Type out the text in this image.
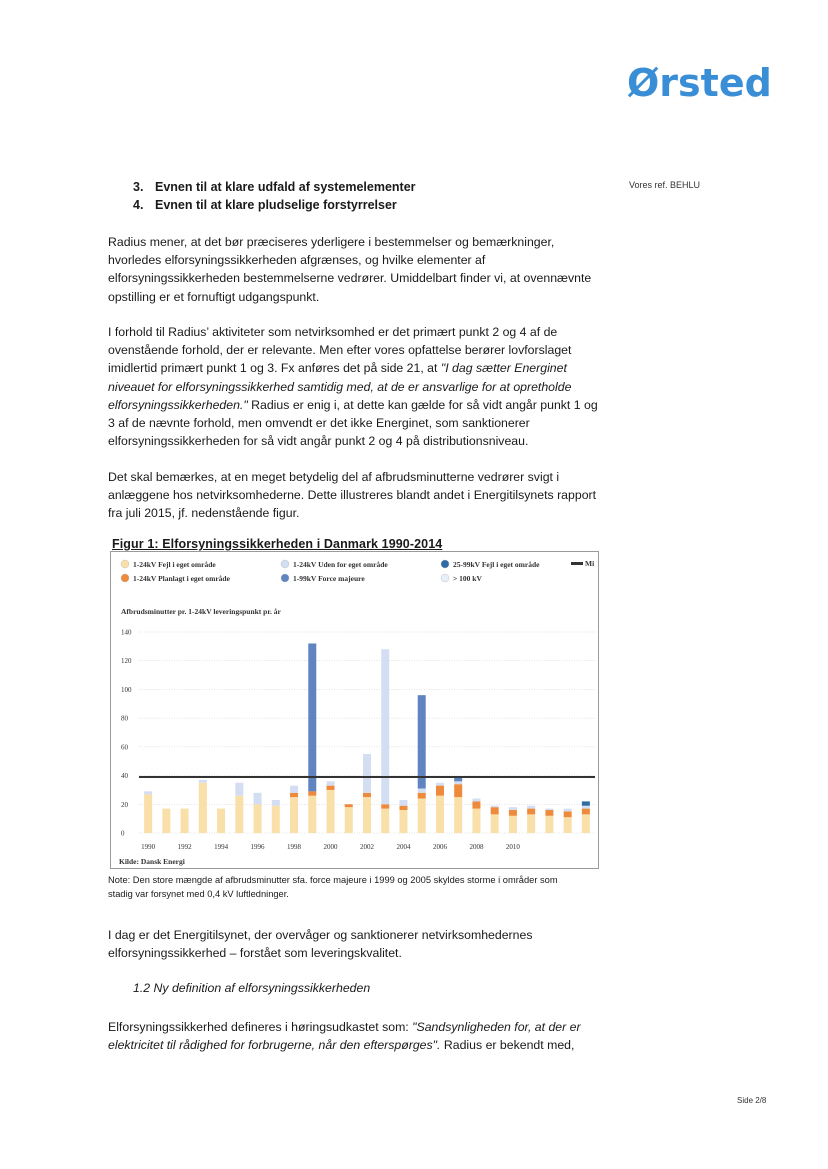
Ørsted
Vores ref. BEHLU
3. Evnen til at klare udfald af systemelementer
4. Evnen til at klare pludselige forstyrrelser

Radius mener, at det bør præciseres yderligere i bestemmelser og bemærkninger, hvorledes elforsyningssikkerheden afgrænses, og hvilke elementer af elforsyningssikkerheden bestemmelserne vedrører. Umiddelbart finder vi, at ovennævnte opstilling er et fornuftigt udgangspunkt.

I forhold til Radius’ aktiviteter som netvirksomhed er det primært punkt 2 og 4 af de ovenstående forhold, der er relevante. Men efter vores opfattelse berører lovforslaget imidlertid primært punkt 1 og 3. Fx anføres det på side 21, at "I dag sætter Energinet niveauet for elforsyningssikkerhed samtidig med, at de er ansvarlige for at opretholde elforsyningssikkerheden." Radius er enig i, at dette kan gælde for så vidt angår punkt 1 og 3 af de nævnte forhold, men omvendt er det ikke Energinet, som sanktionerer elforsyningssikkerheden for så vidt angår punkt 2 og 4 på distributionsniveau.

Det skal bemærkes, at en meget betydelig del af afbrudsminutterne vedrører svigt i anlæggene hos netvirksomhederne. Dette illustreres blandt andet i Energitilsynets rapport fra juli 2015, jf. nedenstående figur.

Figur 1: Elforsyningssikkerheden i Danmark 1990-2014
1-24kV Fejl i eget område	1-24kV Uden for eget område	25-99kV Fejl i eget område
1-24kV Planlagt i eget område	1-99kV Force majeure	> 100 kV
Mi
Afbrudsminutter pr. 1-24kV leveringspunkt pr. år
0
20
40
60
80
100
120
140
1990	1992	1994	1996	1998	2000	2002	2004	2006	2008	2010
Kilde: Dansk Energi
Note: Den store mængde af afbrudsminutter sfa. force majeure i 1999 og 2005 skyldes storme i områder som stadig var forsynet med 0,4 kV luftledninger.

I dag er det Energitilsynet, der overvåger og sanktionerer netvirksomhedernes elforsyningssikkerhed – forstået som leveringskvalitet.

1.2 Ny definition af elforsyningssikkerheden

Elforsyningssikkerhed defineres i høringsudkastet som: "Sandsynligheden for, at der er elektricitet til rådighed for forbrugerne, når den efterspørges". Radius er bekendt med,

Side 2/8
